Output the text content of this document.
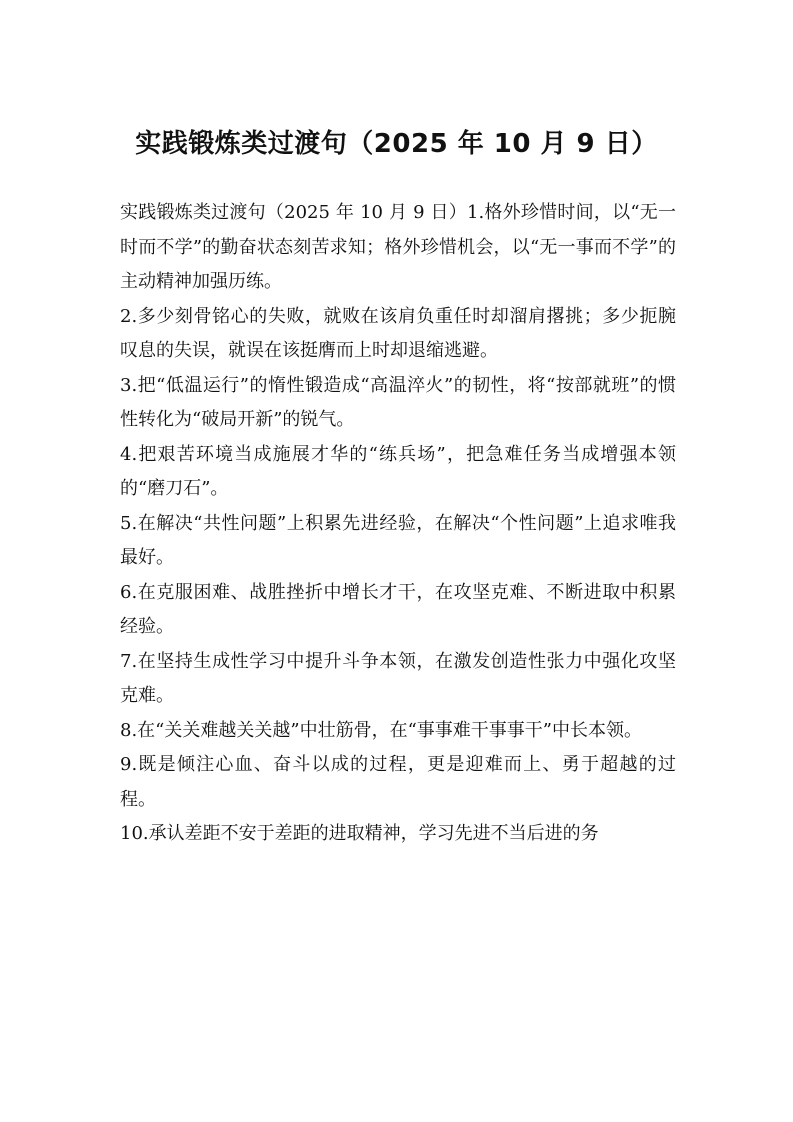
实践锻炼类过渡句（2025 年 10 月 9 日）

实践锻炼类过渡句（2025 年 10 月 9 日）1.格外珍惜时间，以“无一时而不学”的勤奋状态刻苦求知；格外珍惜机会，以“无一事而不学”的主动精神加强历练。

2.多少刻骨铭心的失败，就败在该肩负重任时却溜肩撂挑；多少扼腕叹息的失误，就误在该挺膺而上时却退缩逃避。

3.把“低温运行”的惰性锻造成“高温淬火”的韧性，将“按部就班”的惯性转化为“破局开新”的锐气。

4.把艰苦环境当成施展才华的“练兵场”，把急难任务当成增强本领的“磨刀石”。

5.在解决“共性问题”上积累先进经验，在解决“个性问题”上追求唯我最好。

6.在克服困难、战胜挫折中增长才干，在攻坚克难、不断进取中积累经验。

7.在坚持生成性学习中提升斗争本领，在激发创造性张力中强化攻坚克难。

8.在“关关难越关关越”中壮筋骨，在“事事难干事事干”中长本领。

9.既是倾注心血、奋斗以成的过程，更是迎难而上、勇于超越的过程。

10.承认差距不安于差距的进取精神，学习先进不当后进的务
